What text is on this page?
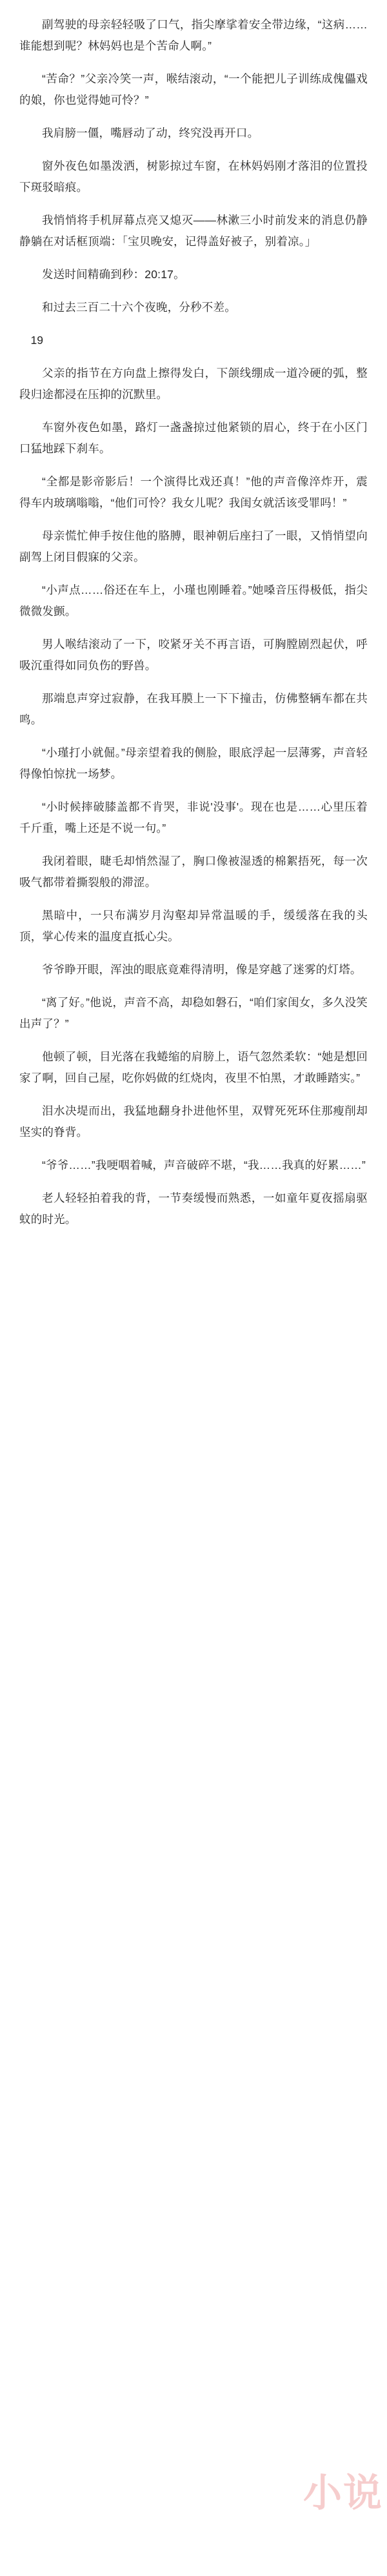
副驾驶的母亲轻轻吸了口气，指尖摩挲着安全带边缘，“这病……谁能想到呢？林妈妈也是个苦命人啊。”

“苦命？”父亲冷笑一声，喉结滚动，“一个能把儿子训练成傀儡戏的娘，你也觉得她可怜？”

我肩膀一僵，嘴唇动了动，终究没再开口。

窗外夜色如墨泼洒，树影掠过车窗，在林妈妈刚才落泪的位置投下斑驳暗痕。

我悄悄将手机屏幕点亮又熄灭——林漱三小时前发来的消息仍静静躺在对话框顶端：「宝贝晚安，记得盖好被子，别着凉。」

发送时间精确到秒：20:17。

和过去三百二十六个夜晚，分秒不差。

19

父亲的指节在方向盘上擦得发白，下颌线绷成一道冷硬的弧，整段归途都浸在压抑的沉默里。

车窗外夜色如墨，路灯一盏盏掠过他紧锁的眉心，终于在小区门口猛地踩下刹车。

“全都是影帝影后！一个演得比戏还真！”他的声音像淬炸开，震得车内玻璃嗡嗡，“他们可怜？我女儿呢？我闺女就活该受罪吗！”

母亲慌忙伸手按住他的胳膊，眼神朝后座扫了一眼，又悄悄望向副驾上闭目假寐的父亲。

“小声点……俗还在车上，小瑾也刚睡着。”她嗓音压得极低，指尖微微发颤。

男人喉结滚动了一下，咬紧牙关不再言语，可胸膛剧烈起伏，呼吸沉重得如同负伤的野兽。

那端息声穿过寂静，在我耳膜上一下下撞击，仿佛整辆车都在共鸣。

“小瑾打小就倔。”母亲望着我的侧脸，眼底浮起一层薄雾，声音轻得像怕惊扰一场梦。

“小时候摔破膝盖都不肯哭，非说'没事'。现在也是……心里压着千斤重，嘴上还是不说一句。”

我闭着眼，睫毛却悄然湿了，胸口像被湿透的棉絮捂死，每一次吸气都带着撕裂般的滞涩。

黑暗中，一只布满岁月沟壑却异常温暖的手，缓缓落在我的头顶，掌心传来的温度直抵心尖。

爷爷睁开眼，浑浊的眼底竟难得清明，像是穿越了迷雾的灯塔。

“离了好。”他说，声音不高，却稳如磐石，“咱们家闺女，多久没笑出声了？”

他顿了顿，目光落在我蜷缩的肩膀上，语气忽然柔软：“她是想回家了啊，回自己屋，吃你妈做的红烧肉，夜里不怕黑，才敢睡踏实。”

泪水决堤而出，我猛地翻身扑进他怀里，双臂死死环住那瘦削却坚实的脊背。

“爷爷……”我哽咽着喊，声音破碎不堪，“我……我真的好累……”

老人轻轻拍着我的背，一节奏缓慢而熟悉，一如童年夏夜摇扇驱蚊的时光。

小说
